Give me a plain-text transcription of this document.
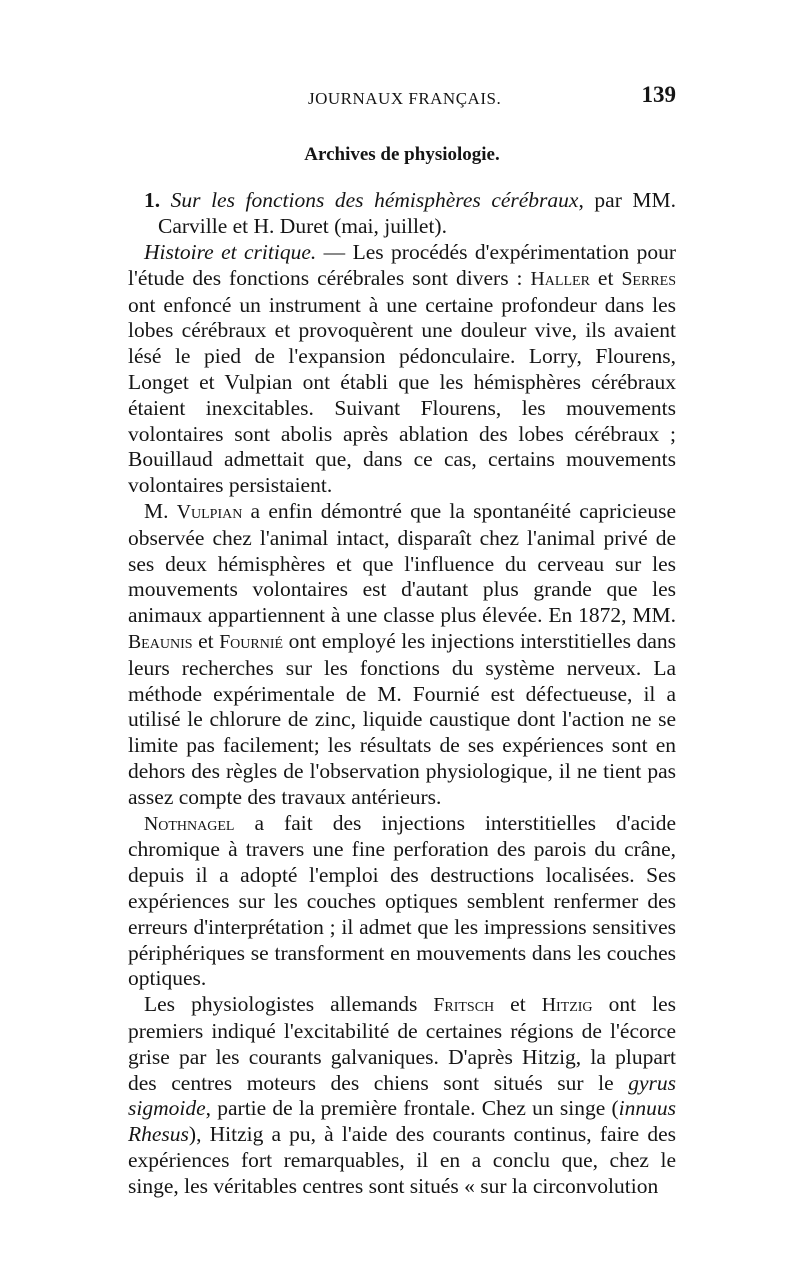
JOURNAUX FRANÇAIS.	139
Archives de physiologie.
1. Sur les fonctions des hémisphères cérébraux, par MM. Carville et H. Duret (mai, juillet).

Histoire et critique. — Les procédés d'expérimentation pour l'étude des fonctions cérébrales sont divers : Haller et Serres ont enfoncé un instrument à une certaine profondeur dans les lobes cérébraux et provoquèrent une douleur vive, ils avaient lésé le pied de l'expansion pédonculaire. Lorry, Flourens, Longet et Vulpian ont établi que les hémisphères cérébraux étaient inexcitables. Suivant Flourens, les mouvements volontaires sont abolis après ablation des lobes cérébraux ; Bouillaud admettait que, dans ce cas, certains mouvements volontaires persistaient.

M. Vulpian a enfin démontré que la spontanéité capricieuse observée chez l'animal intact, disparaît chez l'animal privé de ses deux hémisphères et que l'influence du cerveau sur les mouvements volontaires est d'autant plus grande que les animaux appartiennent à une classe plus élevée. En 1872, MM. Beaunis et Fournié ont employé les injections interstitielles dans leurs recherches sur les fonctions du système nerveux. La méthode expérimentale de M. Fournié est défectueuse, il a utilisé le chlorure de zinc, liquide caustique dont l'action ne se limite pas facilement; les résultats de ses expériences sont en dehors des règles de l'observation physiologique, il ne tient pas assez compte des travaux antérieurs.

Nothnagel a fait des injections interstitielles d'acide chromique à travers une fine perforation des parois du crâne, depuis il a adopté l'emploi des destructions localisées. Ses expériences sur les couches optiques semblent renfermer des erreurs d'interprétation ; il admet que les impressions sensitives périphériques se transforment en mouvements dans les couches optiques.

Les physiologistes allemands Fritsch et Hitzig ont les premiers indiqué l'excitabilité de certaines régions de l'écorce grise par les courants galvaniques. D'après Hitzig, la plupart des centres moteurs des chiens sont situés sur le gyrus sigmoide, partie de la première frontale. Chez un singe (innuus Rhesus), Hitzig a pu, à l'aide des courants continus, faire des expériences fort remarquables, il en a conclu que, chez le singe, les véritables centres sont situés « sur la circonvolution
